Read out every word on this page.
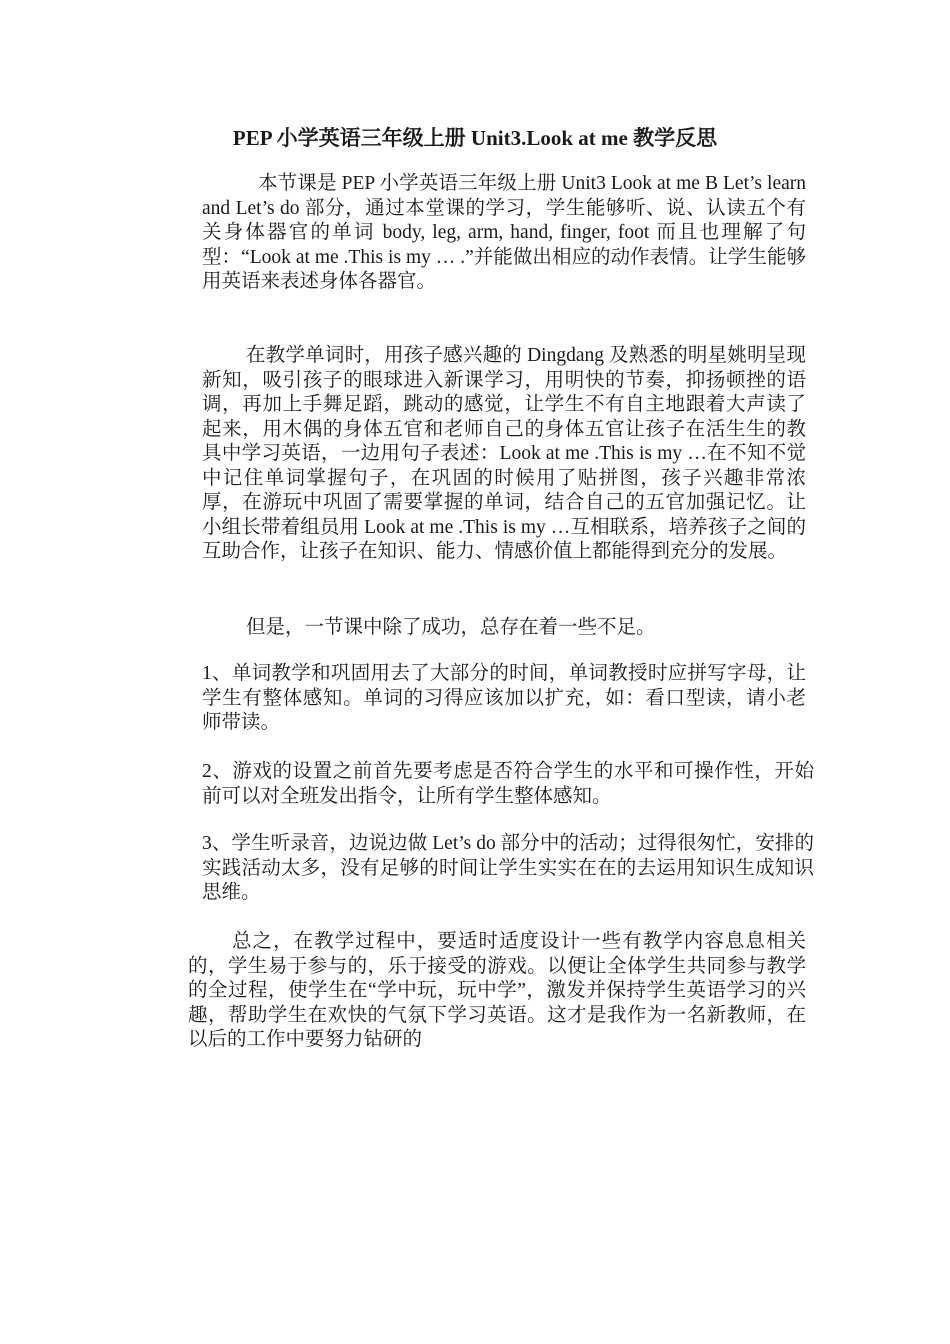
PEP 小学英语三年级上册 Unit3.Look at me 教学反思

本节课是 PEP 小学英语三年级上册 Unit3 Look at me B Let’s learn and Let’s do 部分，通过本堂课的学习，学生能够听、说、认读五个有关身体器官的单词 body, leg, arm, hand, finger, foot 而且也理解了句型：“Look at me .This is my … .”并能做出相应的动作表情。让学生能够用英语来表述身体各器官。

在教学单词时，用孩子感兴趣的 Dingdang 及熟悉的明星姚明呈现新知，吸引孩子的眼球进入新课学习，用明快的节奏，抑扬顿挫的语调，再加上手舞足蹈，跳动的感觉，让学生不有自主地跟着大声读了起来，用木偶的身体五官和老师自己的身体五官让孩子在活生生的教具中学习英语，一边用句子表述：Look at me .This is my …在不知不觉中记住单词掌握句子，在巩固的时候用了贴拼图，孩子兴趣非常浓厚，在游玩中巩固了需要掌握的单词，结合自己的五官加强记忆。让小组长带着组员用 Look at me .This is my …互相联系，培养孩子之间的互助合作，让孩子在知识、能力、情感价值上都能得到充分的发展。

但是，一节课中除了成功，总存在着一些不足。

1、单词教学和巩固用去了大部分的时间，单词教授时应拼写字母，让学生有整体感知。单词的习得应该加以扩充，如：看口型读，请小老师带读。

2、游戏的设置之前首先要考虑是否符合学生的水平和可操作性，开始前可以对全班发出指令，让所有学生整体感知。

3、学生听录音，边说边做 Let’s do 部分中的活动；过得很匆忙，安排的实践活动太多，没有足够的时间让学生实实在在的去运用知识生成知识思维。

总之，在教学过程中，要适时适度设计一些有教学内容息息相关的，学生易于参与的，乐于接受的游戏。以便让全体学生共同参与教学的全过程，使学生在“学中玩，玩中学”，激发并保持学生英语学习的兴趣，帮助学生在欢快的气氛下学习英语。这才是我作为一名新教师，在以后的工作中要努力钻研的
